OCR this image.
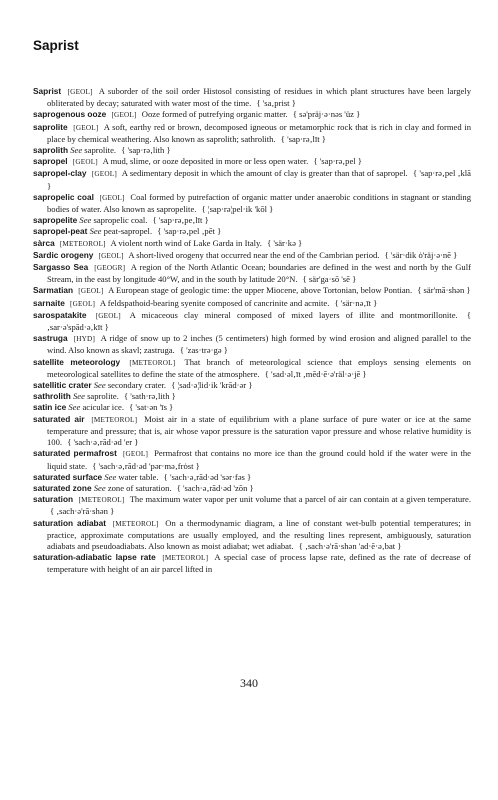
Saprist

Saprist [GEOL] A suborder of the soil order Histosol consisting of residues in which plant structures have been largely obliterated by decay; saturated with water most of the time. { 'sa‚prist }

saprogenous ooze [GEOL] Ooze formed of putrefying organic matter. { sə'präj·ə·nəs 'üz }

saprolite [GEOL] A soft, earthy red or brown, decomposed igneous or metamorphic rock that is rich in clay and formed in place by chemical weathering. Also known as saprolith; sathrolith. { 'sap·rə‚līt }

saprolith See saprolite. { 'sap·rə‚lith }

sapropel [GEOL] A mud, slime, or ooze deposited in more or less open water. { 'sap·rə‚pel }

sapropel-clay [GEOL] A sedimentary deposit in which the amount of clay is greater than that of sapropel. { 'sap·rə‚pel ‚klā }

sapropelic coal [GEOL] Coal formed by putrefaction of organic matter under anaerobic conditions in stagnant or standing bodies of water. Also known as sapropelite. { ¦sap·rə¦pel·ik 'kōl }

sapropelite See sapropelic coal. { 'sap·rə‚pe‚līt }

sapropel-peat See peat-sapropel. { 'sap·rə‚pel ‚pēt }

sàrca [METEOROL] A violent north wind of Lake Garda in Italy. { 'sär·kə }

Sardic orogeny [GEOL] A short-lived orogeny that occurred near the end of the Cambrian period. { 'sär·dik ȯ'räj·ə·nē }

Sargasso Sea [GEOGR] A region of the North Atlantic Ocean; boundaries are defined in the west and north by the Gulf Stream, in the east by longitude 40°W, and in the south by latitude 20°N. { sär'ga·sō 'sē }

Sarmatian [GEOL] A European stage of geologic time: the upper Miocene, above Tortonian, below Pontian. { sär'mā·shən }

sarnaite [GEOL] A feldspathoid-bearing syenite composed of cancrinite and acmite. { 'sär·nə‚īt }

sarospatakite [GEOL] A micaceous clay mineral composed of mixed layers of illite and montmorillonite. { ‚sar·ə'spād·ə‚kīt }

sastruga [HYD] A ridge of snow up to 2 inches (5 centimeters) high formed by wind erosion and aligned parallel to the wind. Also known as skavl; zastruga. { 'zas·trə·gə }

satellite meteorology [METEOROL] That branch of meteorological science that employs sensing elements on meteorological satellites to define the state of the atmosphere. { 'sad·əl‚īt ‚mēd·ē·ə'räl·ə·jē }

satellitic crater See secondary crater. { ¦sad·ə¦lid·ik 'krād·ər }

sathrolith See saprolite. { 'sath·rə‚lith }

satin ice See acicular ice. { 'sat·ən 'īs }

saturated air [METEOROL] Moist air in a state of equilibrium with a plane surface of pure water or ice at the same temperature and pressure; that is, air whose vapor pressure is the saturation vapor pressure and whose relative humidity is 100. { 'sach·ə‚rād·əd 'er }

saturated permafrost [GEOL] Permafrost that contains no more ice than the ground could hold if the water were in the liquid state. { 'sach·ə‚rād·əd 'pər·mə‚frȯst }

saturated surface See water table. { 'sach·ə‚rād·əd 'sər·fəs }

saturated zone See zone of saturation. { 'sach·ə‚rād·əd 'zōn }

saturation [METEOROL] The maximum water vapor per unit volume that a parcel of air can contain at a given temperature. { ‚sach·ə'rā·shən }

saturation adiabat [METEOROL] On a thermodynamic diagram, a line of constant wet-bulb potential temperatures; in practice, approximate computations are usually employed, and the resulting lines represent, ambiguously, saturation adiabats and pseudoadiabats. Also known as moist adiabat; wet adiabat. { ‚sach·ə'rā·shən 'ad·ē·ə‚bat }

saturation-adiabatic lapse rate [METEOROL] A special case of process lapse rate, defined as the rate of decrease of temperature with height of an air parcel lifted in

340
